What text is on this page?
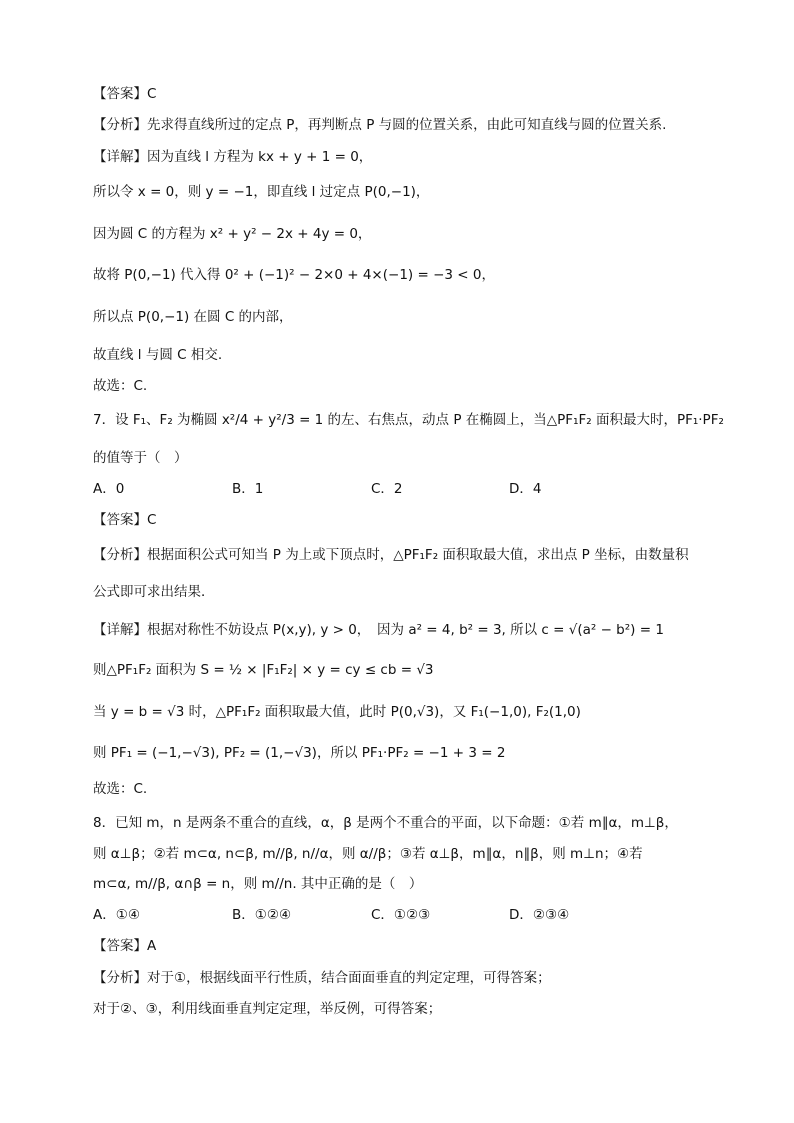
【答案】C
【分析】先求得直线所过的定点 P，再判断点 P 与圆的位置关系，由此可知直线与圆的位置关系.
【详解】因为直线 l 方程为 kx + y + 1 = 0，
所以令 x = 0，则 y = −1，即直线 l 过定点 P(0,−1)，
因为圆 C 的方程为 x² + y² − 2x + 4y = 0，
故将 P(0,−1) 代入得 0² + (−1)² − 2×0 + 4×(−1) = −3 < 0，
所以点 P(0,−1) 在圆 C 的内部，
故直线 l 与圆 C 相交.
故选：C.
7．设 F₁、F₂ 为椭圆 x²/4 + y²/3 = 1 的左、右焦点，动点 P 在椭圆上，当△PF₁F₂ 面积最大时，PF₁·PF₂
的值等于（　）
A．0	B．1	C．2	D．4
【答案】C
【分析】根据面积公式可知当 P 为上或下顶点时，△PF₁F₂ 面积取最大值，求出点 P 坐标，由数量积
公式即可求出结果．
【详解】根据对称性不妨设点 P(x,y), y > 0，　因为 a² = 4, b² = 3, 所以 c = √(a² − b²) = 1
则△PF₁F₂ 面积为 S = ½ × |F₁F₂| × y = cy ≤ cb = √3
当 y = b = √3 时，△PF₁F₂ 面积取最大值，此时 P(0,√3)，又 F₁(−1,0), F₂(1,0)
则 PF₁ = (−1,−√3), PF₂ = (1,−√3)，所以 PF₁·PF₂ = −1 + 3 = 2
故选：C.
8．已知 m，n 是两条不重合的直线，α，β 是两个不重合的平面，以下命题：①若 m∥α，m⊥β，
则 α⊥β；②若 m⊂α, n⊂β, m//β, n//α，则 α//β；③若 α⊥β，m∥α，n∥β，则 m⊥n；④若
m⊂α, m//β, α∩β = n，则 m//n. 其中正确的是（　）
A．①④	B．①②④	C．①②③	D．②③④
【答案】A
【分析】对于①，根据线面平行性质，结合面面垂直的判定定理，可得答案；
对于②、③，利用线面垂直判定定理，举反例，可得答案；
